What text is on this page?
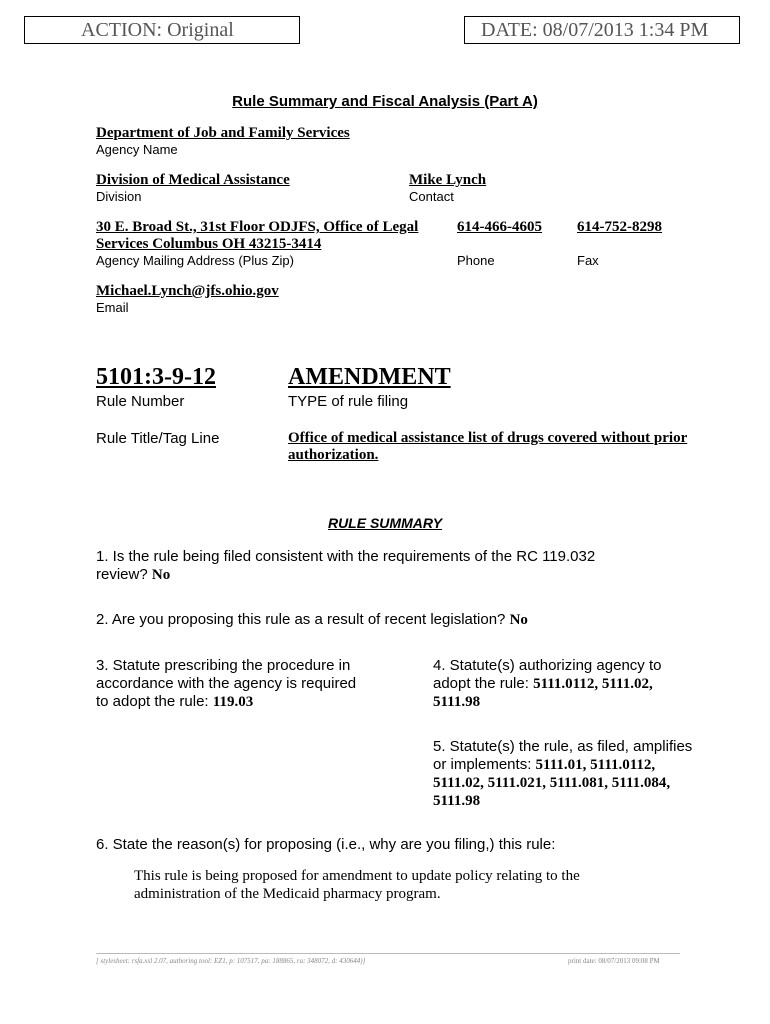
ACTION: Original	DATE: 08/07/2013 1:34 PM
Rule Summary and Fiscal Analysis (Part A)
Department of Job and Family Services
Agency Name
Division of Medical Assistance
Division
Mike Lynch
Contact
30 E. Broad St., 31st Floor ODJFS, Office of Legal
Services Columbus OH 43215-3414
Agency Mailing Address (Plus Zip)
614-466-4605
Phone
614-752-8298
Fax
Michael.Lynch@jfs.ohio.gov
Email
5101:3-9-12
Rule Number
AMENDMENT
TYPE of rule filing
Rule Title/Tag Line	Office of medical assistance list of drugs covered without prior
authorization.
RULE SUMMARY
1. Is the rule being filed consistent with the requirements of the RC 119.032
review? No
2. Are you proposing this rule as a result of recent legislation? No
3. Statute prescribing the procedure in
accordance with the agency is required
to adopt the rule: 119.03
4. Statute(s) authorizing agency to
adopt the rule: 5111.0112, 5111.02,
5111.98
5. Statute(s) the rule, as filed, amplifies
or implements: 5111.01, 5111.0112,
5111.02, 5111.021, 5111.081, 5111.084,
5111.98
6. State the reason(s) for proposing (i.e., why are you filing,) this rule:
This rule is being proposed for amendment to update policy relating to the
administration of the Medicaid pharmacy program.
[ stylesheet: rsfa.xsl 2.07, authoring tool: EZ1, p: 107517, pa: 188865, ra: 348072, d: 430644)]	print date: 08/07/2013 09:08 PM
